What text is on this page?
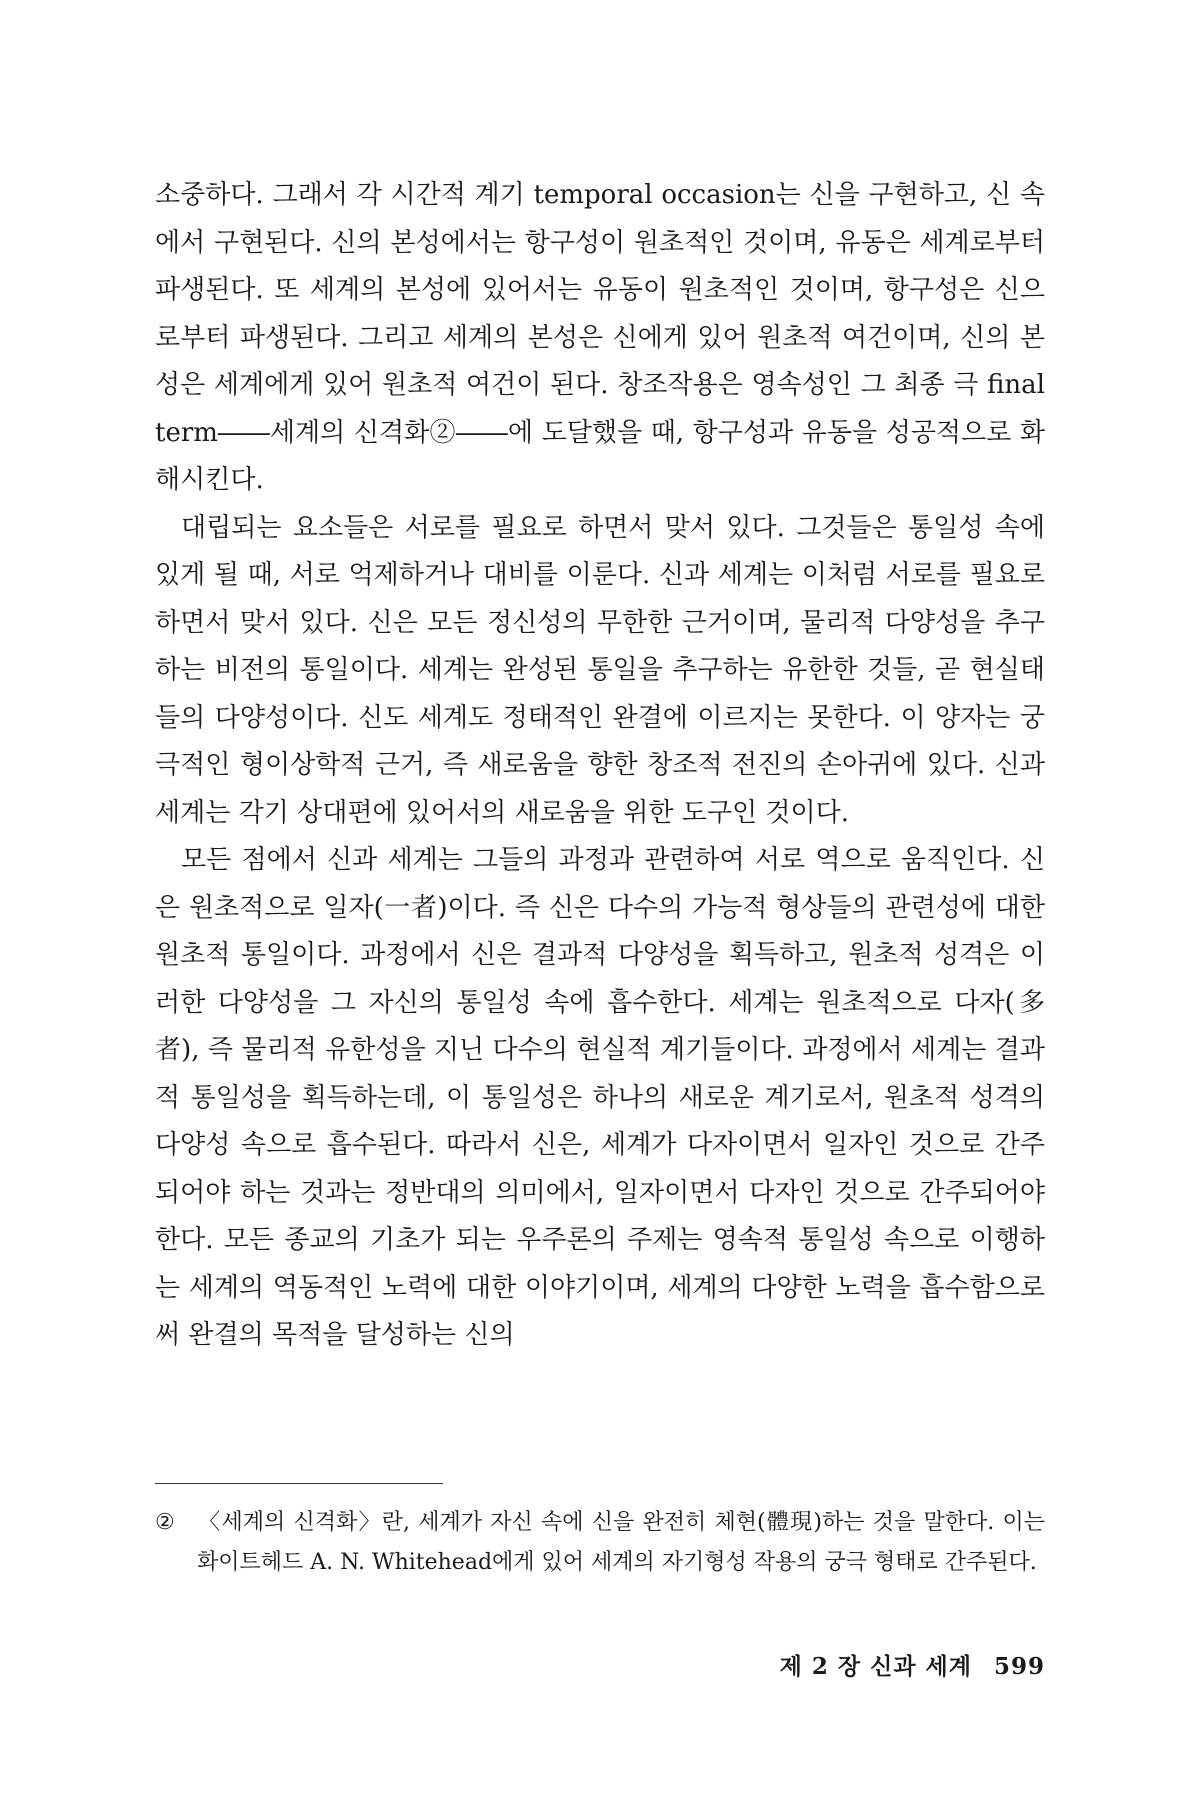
소중하다. 그래서 각 시간적 계기 temporal occasion는 신을 구현하고, 신 속에서 구현된다. 신의 본성에서는 항구성이 원초적인 것이며, 유동은 세계로부터 파생된다. 또 세계의 본성에 있어서는 유동이 원초적인 것이며, 항구성은 신으로부터 파생된다. 그리고 세계의 본성은 신에게 있어 원초적 여건이며, 신의 본성은 세계에게 있어 원초적 여건이 된다. 창조작용은 영속성인 그 최종 극 final term――세계의 신격화②――에 도달했을 때, 항구성과 유동을 성공적으로 화해시킨다.

대립되는 요소들은 서로를 필요로 하면서 맞서 있다. 그것들은 통일성 속에 있게 될 때, 서로 억제하거나 대비를 이룬다. 신과 세계는 이처럼 서로를 필요로 하면서 맞서 있다. 신은 모든 정신성의 무한한 근거이며, 물리적 다양성을 추구하는 비전의 통일이다. 세계는 완성된 통일을 추구하는 유한한 것들, 곧 현실태들의 다양성이다. 신도 세계도 정태적인 완결에 이르지는 못한다. 이 양자는 궁극적인 형이상학적 근거, 즉 새로움을 향한 창조적 전진의 손아귀에 있다. 신과 세계는 각기 상대편에 있어서의 새로움을 위한 도구인 것이다.

모든 점에서 신과 세계는 그들의 과정과 관련하여 서로 역으로 움직인다. 신은 원초적으로 일자(一者)이다. 즉 신은 다수의 가능적 형상들의 관련성에 대한 원초적 통일이다. 과정에서 신은 결과적 다양성을 획득하고, 원초적 성격은 이러한 다양성을 그 자신의 통일성 속에 흡수한다. 세계는 원초적으로 다자(多者), 즉 물리적 유한성을 지닌 다수의 현실적 계기들이다. 과정에서 세계는 결과적 통일성을 획득하는데, 이 통일성은 하나의 새로운 계기로서, 원초적 성격의 다양성 속으로 흡수된다. 따라서 신은, 세계가 다자이면서 일자인 것으로 간주되어야 하는 것과는 정반대의 의미에서, 일자이면서 다자인 것으로 간주되어야 한다. 모든 종교의 기초가 되는 우주론의 주제는 영속적 통일성 속으로 이행하는 세계의 역동적인 노력에 대한 이야기이며, 세계의 다양한 노력을 흡수함으로써 완결의 목적을 달성하는 신의

② 〈세계의 신격화〉란, 세계가 자신 속에 신을 완전히 체현(體現)하는 것을 말한다. 이는 화이트헤드 A. N. Whitehead에게 있어 세계의 자기형성 작용의 궁극 형태로 간주된다.
제 2 장 신과 세계 599
